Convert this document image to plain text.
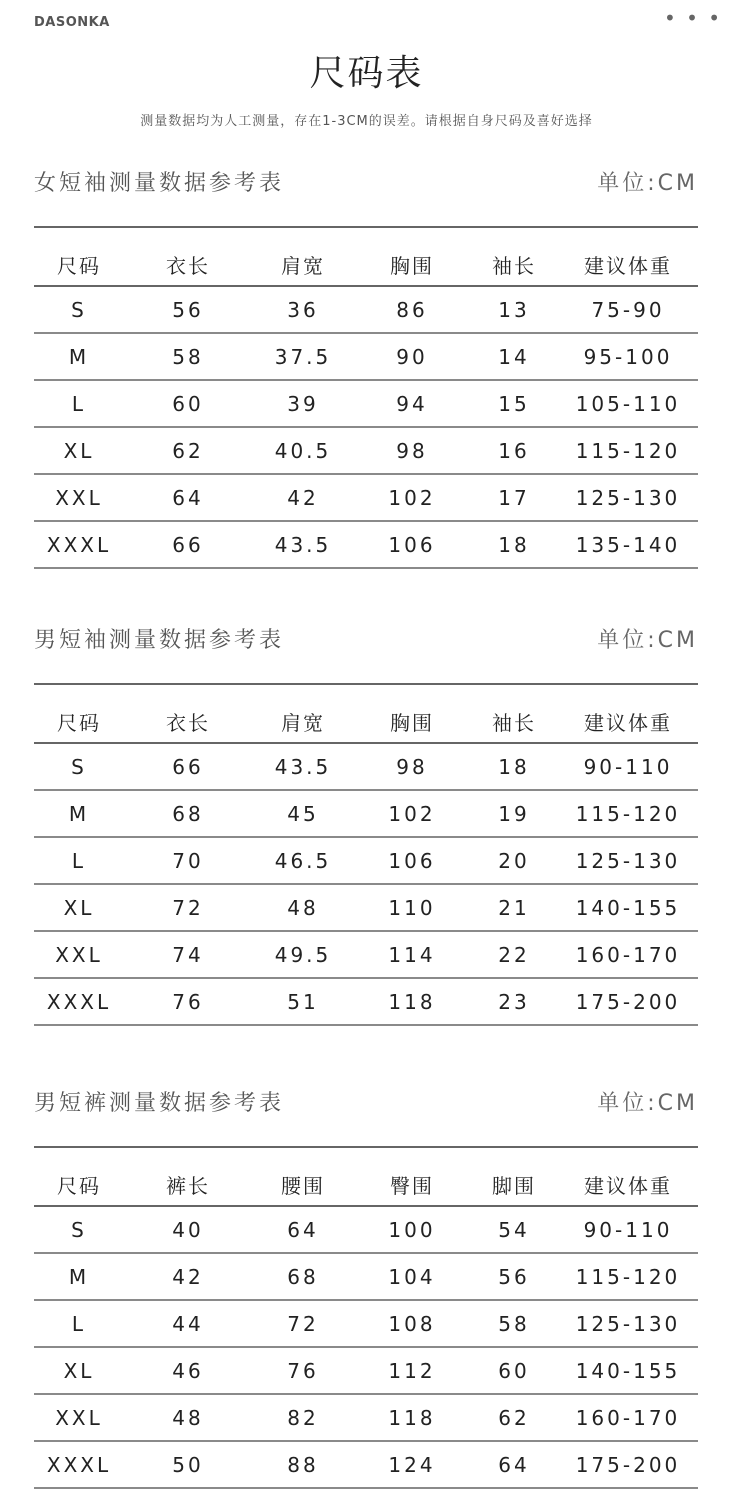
DASONKA	• • •
尺码表
测量数据均为人工测量，存在1-3CM的误差。请根据自身尺码及喜好选择
女短袖测量数据参考表	单位:CM
尺码	衣长	肩宽	胸围	袖长	建议体重
S	56	36	86	13	75-90
M	58	37.5	90	14	95-100
L	60	39	94	15	105-110
XL	62	40.5	98	16	115-120
XXL	64	42	102	17	125-130
XXXL	66	43.5	106	18	135-140
男短袖测量数据参考表	单位:CM
尺码	衣长	肩宽	胸围	袖长	建议体重
S	66	43.5	98	18	90-110
M	68	45	102	19	115-120
L	70	46.5	106	20	125-130
XL	72	48	110	21	140-155
XXL	74	49.5	114	22	160-170
XXXL	76	51	118	23	175-200
男短裤测量数据参考表	单位:CM
尺码	裤长	腰围	臀围	脚围	建议体重
S	40	64	100	54	90-110
M	42	68	104	56	115-120
L	44	72	108	58	125-130
XL	46	76	112	60	140-155
XXL	48	82	118	62	160-170
XXXL	50	88	124	64	175-200
